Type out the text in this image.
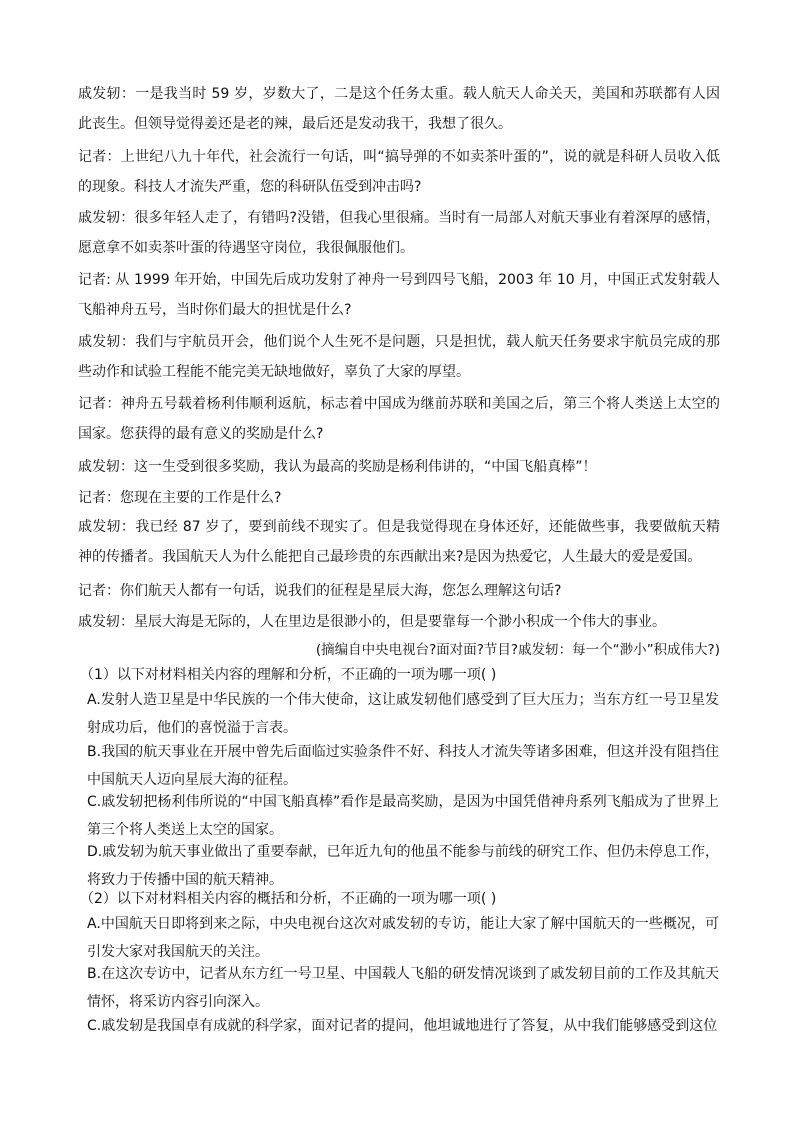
戚发轫：一是我当时 59 岁，岁数大了，二是这个任务太重。载人航天人命关天，美国和苏联都有人因此丧生。但领导觉得姜还是老的辣，最后还是发动我干，我想了很久。
记者：上世纪八九十年代，社会流行一句话，叫“搞导弹的不如卖茶叶蛋的”，说的就是科研人员收入低的现象。科技人才流失严重，您的科研队伍受到冲击吗?
戚发轫：很多年轻人走了，有错吗?没错，但我心里很痛。当时有一局部人对航天事业有着深厚的感情，愿意拿不如卖茶叶蛋的待遇坚守岗位，我很佩服他们。
记者: 从 1999 年开始，中国先后成功发射了神舟一号到四号飞船，2003 年 10 月，中国正式发射载人飞船神舟五号，当时你们最大的担忧是什么?
戚发轫：我们与宇航员开会，他们说个人生死不是问题，只是担忧，载人航天任务要求宇航员完成的那些动作和试验工程能不能完美无缺地做好，辜负了大家的厚望。
记者：神舟五号载着杨利伟顺利返航，标志着中国成为继前苏联和美国之后，第三个将人类送上太空的国家。您获得的最有意义的奖励是什么?
戚发轫：这一生受到很多奖励，我认为最高的奖励是杨利伟讲的，“中国飞船真棒”！
记者：您现在主要的工作是什么?
戚发轫：我已经 87 岁了，要到前线不现实了。但是我觉得现在身体还好，还能做些事，我要做航天精神的传播者。我国航天人为什么能把自己最珍贵的东西献出来?是因为热爱它，人生最大的爱是爱国。
记者：你们航天人都有一句话，说我们的征程是星辰大海，您怎么理解这句话?
戚发轫：星辰大海是无际的，人在里边是很渺小的，但是要靠每一个渺小积成一个伟大的事业。
(摘编自中央电视台?面对面?节目?戚发轫：每一个“渺小”积成伟大?)
（1）以下对材料相关内容的理解和分析，不正确的一项为哪一项( )
A.发射人造卫星是中华民族的一个伟大使命，这让戚发轫他们感受到了巨大压力；当东方红一号卫星发射成功后，他们的喜悦溢于言表。
B.我国的航天事业在开展中曾先后面临过实验条件不好、科技人才流失等诸多困难，但这并没有阻挡住中国航天人迈向星辰大海的征程。
C.戚发轫把杨利伟所说的“中国飞船真棒”看作是最高奖励，是因为中国凭借神舟系列飞船成为了世界上第三个将人类送上太空的国家。
D.戚发轫为航天事业做出了重要奉献，已年近九旬的他虽不能参与前线的研究工作、但仍未停息工作，将致力于传播中国的航天精神。
（2）以下对材料相关内容的概括和分析，不正确的一项为哪一项( )
A.中国航天日即将到来之际，中央电视台这次对戚发轫的专访，能让大家了解中国航天的一些概况，可引发大家对我国航天的关注。
B.在这次专访中，记者从东方红一号卫星、中国载人飞船的研发情况谈到了戚发轫目前的工作及其航天情怀，将采访内容引向深入。
C.戚发轫是我国卓有成就的科学家，面对记者的提问，他坦诚地进行了答复，从中我们能够感受到这位
